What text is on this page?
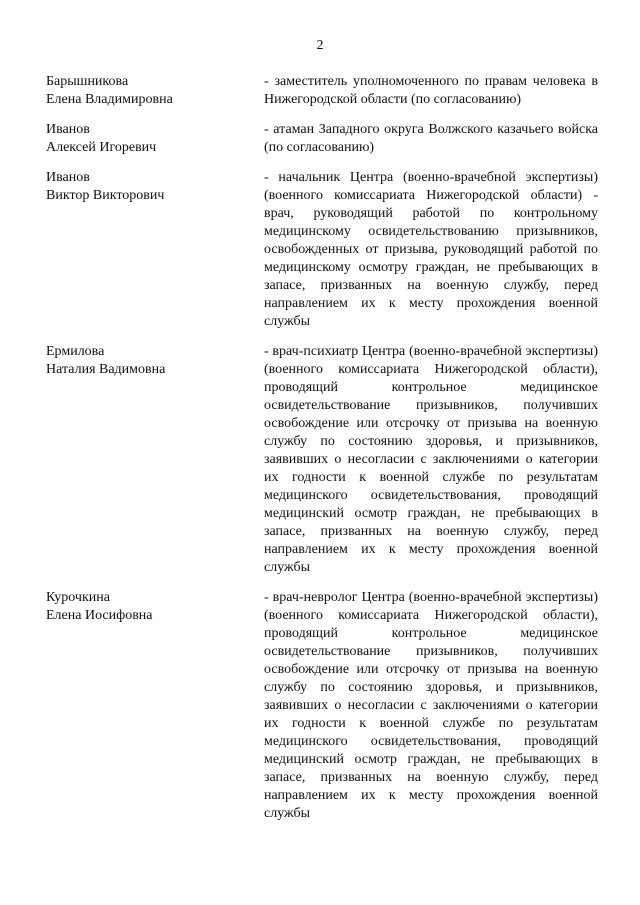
2
Барышникова
Елена Владимировна
- заместитель уполномоченного по правам человека в Нижегородской области (по согласованию)
Иванов
Алексей Игоревич
- атаман Западного округа Волжского казачьего войска (по согласованию)
Иванов
Виктор Викторович
- начальник Центра (военно-врачебной экспертизы) (военного комиссариата Нижегородской области) - врач, руководящий работой по контрольному медицинскому освидетельствованию призывников, освобожденных от призыва, руководящий работой по медицинскому осмотру граждан, не пребывающих в запасе, призванных на военную службу, перед направлением их к месту прохождения военной службы
Ермилова
Наталия Вадимовна
- врач-психиатр Центра (военно-врачебной экспертизы) (военного комиссариата Нижегородской области), проводящий контрольное медицинское освидетельствование призывников, получивших освобождение или отсрочку от призыва на военную службу по состоянию здоровья, и призывников, заявивших о несогласии с заключениями о категории их годности к военной службе по результатам медицинского освидетельствования, проводящий медицинский осмотр граждан, не пребывающих в запасе, призванных на военную службу, перед направлением их к месту прохождения военной службы
Курочкина
Елена Иосифовна
- врач-невролог Центра (военно-врачебной экспертизы) (военного комиссариата Нижегородской области), проводящий контрольное медицинское освидетельствование призывников, получивших освобождение или отсрочку от призыва на военную службу по состоянию здоровья, и призывников, заявивших о несогласии с заключениями о категории их годности к военной службе по результатам медицинского освидетельствования, проводящий медицинский осмотр граждан, не пребывающих в запасе, призванных на военную службу, перед направлением их к месту прохождения военной службы
